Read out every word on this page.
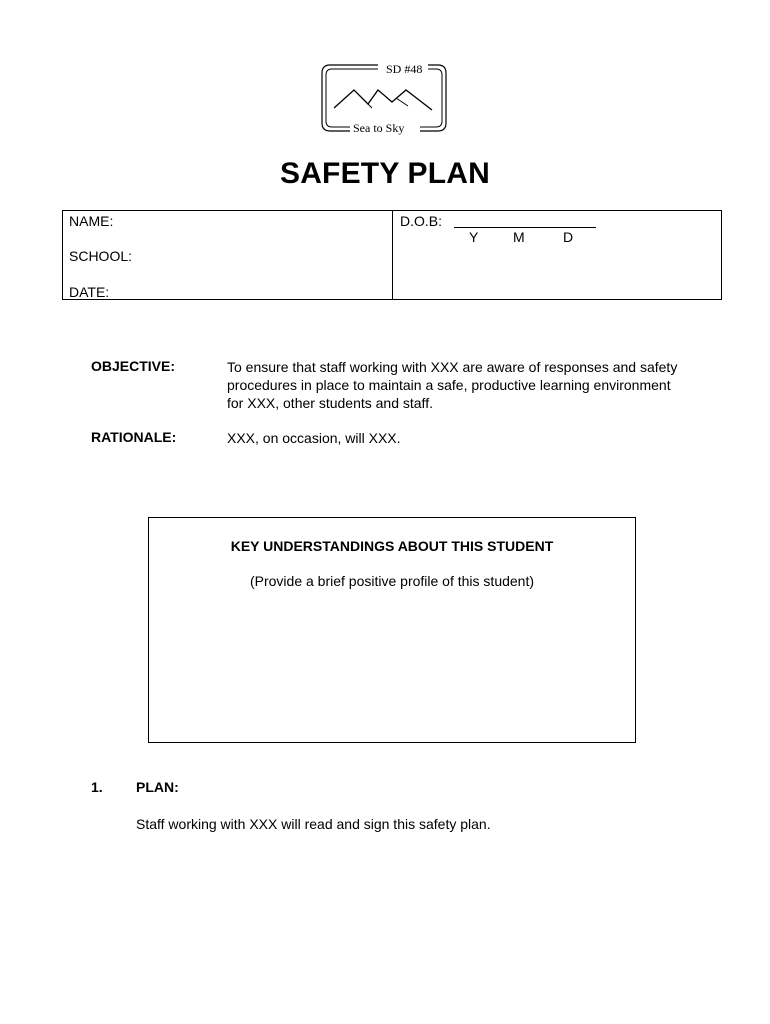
SD #48
Sea to Sky
SAFETY PLAN
NAME:
SCHOOL:
DATE:
D.O.B:
Y M	D
OBJECTIVE:	To ensure that staff working with XXX are aware of responses and safety procedures in place to maintain a safe, productive learning environment for XXX, other students and staff.
RATIONALE:	XXX, on occasion, will XXX.
KEY UNDERSTANDINGS ABOUT THIS STUDENT
(Provide a brief positive profile of this student)
1. PLAN:
Staff working with XXX will read and sign this safety plan.
